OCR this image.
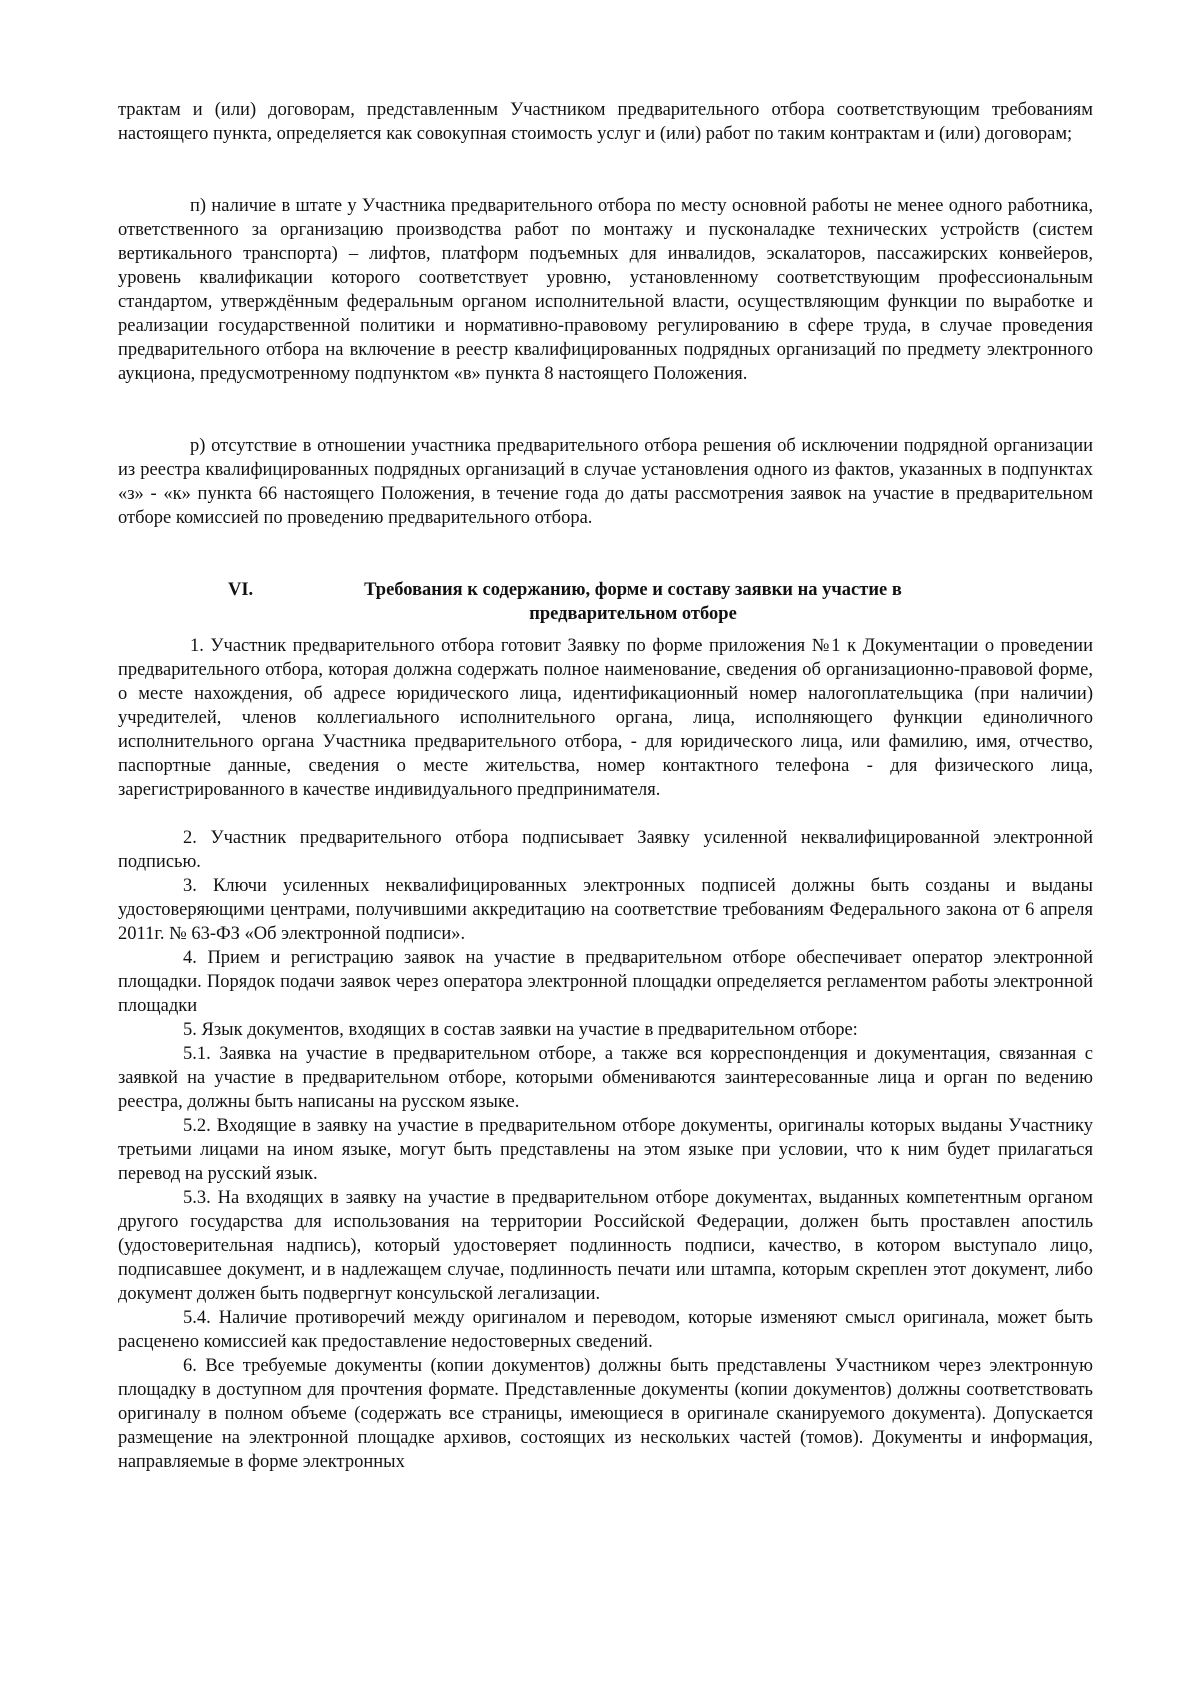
трактам и (или) договорам, представленным Участником предварительного отбора соответствующим требованиям настоящего пункта, определяется как совокупная стоимость услуг и (или) работ по таким контрактам и (или) договорам;

п) наличие в штате у Участника предварительного отбора по месту основной работы не менее одного работника, ответственного за организацию производства работ по монтажу и пусконаладке технических устройств (систем вертикального транспорта) – лифтов, платформ подъемных для инвалидов, эскалаторов, пассажирских конвейеров, уровень квалификации которого соответствует уровню, установленному соответствующим профессиональным стандартом, утверждённым федеральным органом исполнительной власти, осуществляющим функции по выработке и реализации государственной политики и нормативно-правовому регулированию в сфере труда, в случае проведения предварительного отбора на включение в реестр квалифицированных подрядных организаций по предмету электронного аукциона, предусмотренному подпунктом «в» пункта 8 настоящего Положения.

р) отсутствие в отношении участника предварительного отбора решения об исключении подрядной организации из реестра квалифицированных подрядных организаций в случае установления одного из фактов, указанных в подпунктах «з» - «к» пункта 66 настоящего Положения, в течение года до даты рассмотрения заявок на участие в предварительном отборе комиссией по проведению предварительного отбора.

VI.	Требования к содержанию, форме и составу заявки на участие в
предварительном отборе

1. Участник предварительного отбора готовит Заявку по форме приложения №1 к Документации о проведении предварительного отбора, которая должна содержать полное наименование, сведения об организационно-правовой форме, о месте нахождения, об адресе юридического лица, идентификационный номер налогоплательщика (при наличии) учредителей, членов коллегиального исполнительного органа, лица, исполняющего функции единоличного исполнительного органа Участника предварительного отбора, - для юридического лица, или фамилию, имя, отчество, паспортные данные, сведения о месте жительства, номер контактного телефона - для физического лица, зарегистрированного в качестве индивидуального предпринимателя.

2. Участник предварительного отбора подписывает Заявку усиленной неквалифицированной электронной подписью.

3. Ключи усиленных неквалифицированных электронных подписей должны быть созданы и выданы удостоверяющими центрами, получившими аккредитацию на соответствие требованиям Федерального закона от 6 апреля 2011г. № 63-ФЗ «Об электронной подписи».

4. Прием и регистрацию заявок на участие в предварительном отборе обеспечивает оператор электронной площадки. Порядок подачи заявок через оператора электронной площадки определяется регламентом работы электронной площадки

5. Язык документов, входящих в состав заявки на участие в предварительном отборе:

5.1. Заявка на участие в предварительном отборе, а также вся корреспонденция и документация, связанная с заявкой на участие в предварительном отборе, которыми обмениваются заинтересованные лица и орган по ведению реестра, должны быть написаны на русском языке.

5.2. Входящие в заявку на участие в предварительном отборе документы, оригиналы которых выданы Участнику третьими лицами на ином языке, могут быть представлены на этом языке при условии, что к ним будет прилагаться перевод на русский язык.

5.3. На входящих в заявку на участие в предварительном отборе документах, выданных компетентным органом другого государства для использования на территории Российской Федерации, должен быть проставлен апостиль (удостоверительная надпись), который удостоверяет подлинность подписи, качество, в котором выступало лицо, подписавшее документ, и в надлежащем случае, подлинность печати или штампа, которым скреплен этот документ, либо документ должен быть подвергнут консульской легализации.

5.4. Наличие противоречий между оригиналом и переводом, которые изменяют смысл оригинала, может быть расценено комиссией как предоставление недостоверных сведений.

6. Все требуемые документы (копии документов) должны быть представлены Участником через электронную площадку в доступном для прочтения формате. Представленные документы (копии документов) должны соответствовать оригиналу в полном объеме (содержать все страницы, имеющиеся в оригинале сканируемого документа). Допускается размещение на электронной площадке архивов, состоящих из нескольких частей (томов). Документы и информация, направляемые в форме электронных
